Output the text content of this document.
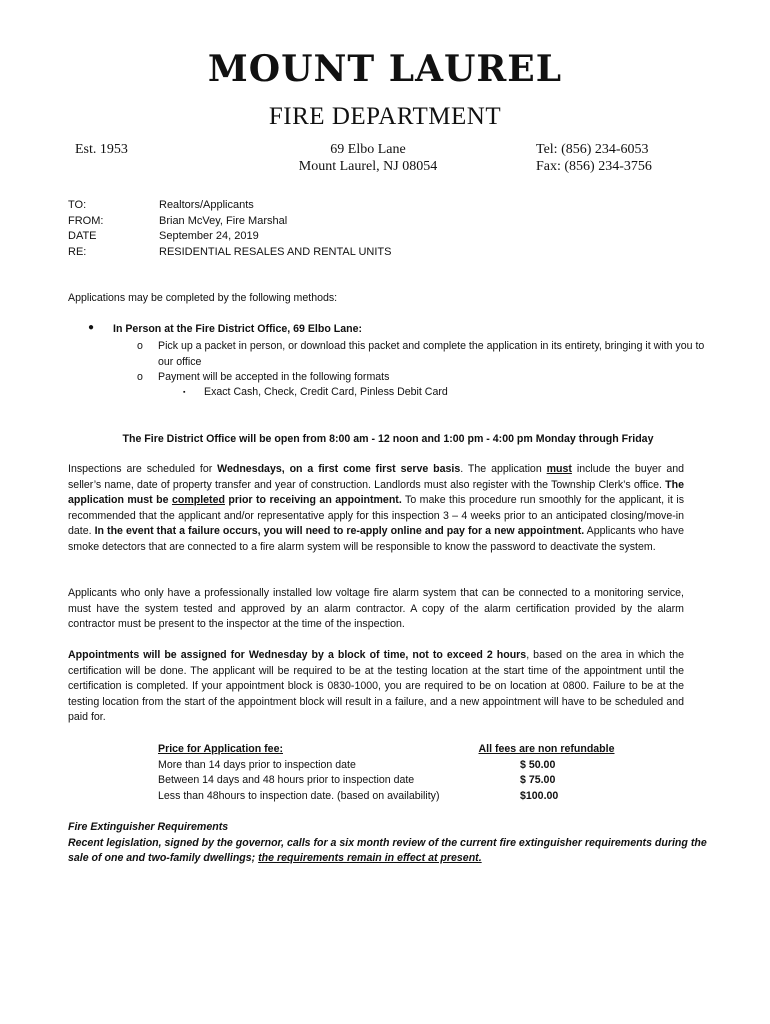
MOUNT LAUREL
FIRE DEPARTMENT
Est. 1953	69 Elbo Lane
Mount Laurel, NJ 08054
Tel: (856) 234-6053
Fax: (856) 234-3756
TO:	Realtors/Applicants
FROM:	Brian McVey, Fire Marshal
DATE	September 24, 2019
RE:	RESIDENTIAL RESALES AND RENTAL UNITS
Applications may be completed by the following methods:
● In Person at the Fire District Office, 69 Elbo Lane:
o	Pick up a packet in person, or download this packet and complete the application in its entirety, bringing it with you to our office
o	Payment will be accepted in the following formats
▪	Exact Cash, Check, Credit Card, Pinless Debit Card
The Fire District Office will be open from 8:00 am - 12 noon and 1:00 pm - 4:00 pm Monday through Friday
Inspections are scheduled for Wednesdays, on a first come first serve basis. The application must include the buyer and seller’s name, date of property transfer and year of construction. Landlords must also register with the Township Clerk’s office. The application must be completed prior to receiving an appointment. To make this procedure run smoothly for the applicant, it is recommended that the applicant and/or representative apply for this inspection 3 – 4 weeks prior to an anticipated closing/move-in date. In the event that a failure occurs, you will need to re-apply online and pay for a new appointment. Applicants who have smoke detectors that are connected to a fire alarm system will be responsible to know the password to deactivate the system.
Applicants who only have a professionally installed low voltage fire alarm system that can be connected to a monitoring service, must have the system tested and approved by an alarm contractor. A copy of the alarm certification provided by the alarm contractor must be present to the inspector at the time of the inspection.
Appointments will be assigned for Wednesday by a block of time, not to exceed 2 hours, based on the area in which the certification will be done. The applicant will be required to be at the testing location at the start time of the appointment until the certification is completed. If your appointment block is 0830-1000, you are required to be on location at 0800. Failure to be at the testing location from the start of the appointment block will result in a failure, and a new appointment will have to be scheduled and paid for.
Price for Application fee:	All fees are non refundable
More than 14 days prior to inspection date	$ 50.00
Between 14 days and 48 hours prior to inspection date	$ 75.00
Less than 48hours to inspection date. (based on availability)	$100.00
Fire Extinguisher Requirements
Recent legislation, signed by the governor, calls for a six month review of the current fire extinguisher requirements during the sale of one and two-family dwellings; the requirements remain in effect at present.
